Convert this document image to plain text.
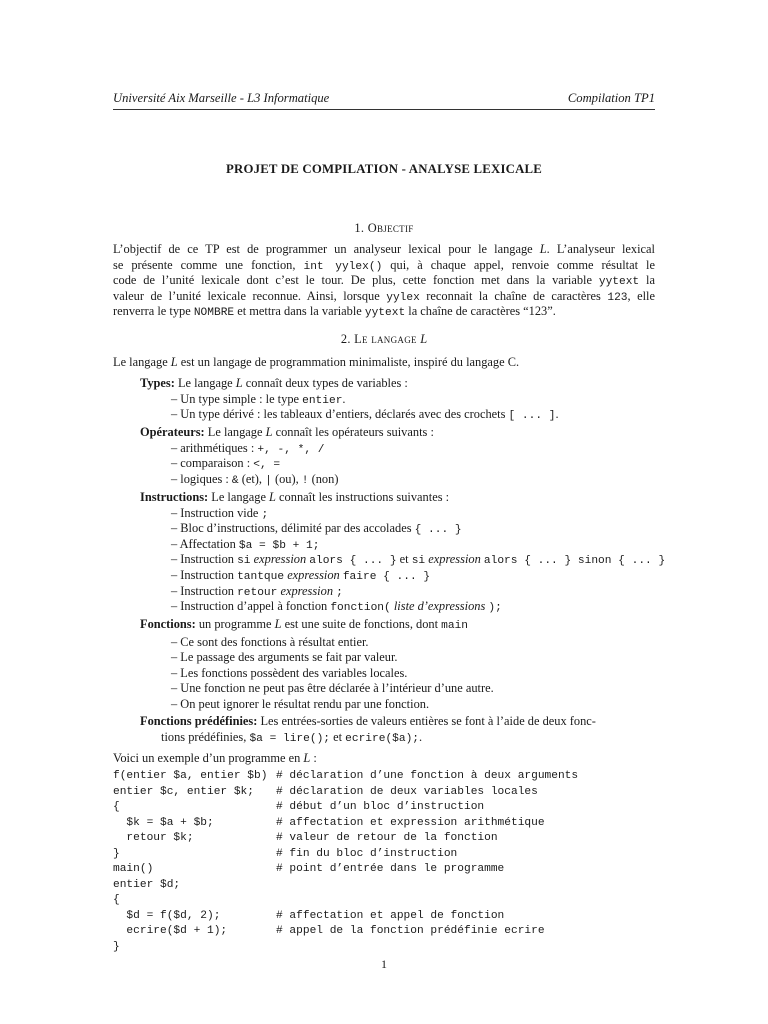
Université Aix Marseille - L3 Informatique	Compilation TP1
PROJET DE COMPILATION - ANALYSE LEXICALE
1. Objectif
L’objectif de ce TP est de programmer un analyseur lexical pour le langage L. L’analyseur lexical
se présente comme une fonction, int yylex() qui, à chaque appel, renvoie comme résultat le
code de l’unité lexicale dont c’est le tour. De plus, cette fonction met dans la variable yytext la
valeur de l’unité lexicale reconnue. Ainsi, lorsque yylex reconnait la chaîne de caractères 123, elle
renverra le type NOMBRE et mettra dans la variable yytext la chaîne de caractères “123”.
2. Le langage L
Le langage L est un langage de programmation minimaliste, inspiré du langage C.
Types: Le langage L connaît deux types de variables :
– Un type simple : le type entier.
– Un type dérivé : les tableaux d’entiers, déclarés avec des crochets [ ... ].
Opérateurs: Le langage L connaît les opérateurs suivants :
– arithmétiques : +, -, *, /
– comparaison : <, =
– logiques : & (et), | (ou), ! (non)
Instructions: Le langage L connaît les instructions suivantes :
– Instruction vide ;
– Bloc d’instructions, délimité par des accolades { ... }
– Affectation $a = $b + 1;
– Instruction si expression alors { ... } et si expression alors { ... } sinon { ... }
– Instruction tantque expression faire { ... }
– Instruction retour expression ;
– Instruction d’appel à fonction fonction( liste d’expressions );
Fonctions: un programme L est une suite de fonctions, dont main
– Ce sont des fonctions à résultat entier.
– Le passage des arguments se fait par valeur.
– Les fonctions possèdent des variables locales.
– Une fonction ne peut pas être déclarée à l’intérieur d’une autre.
– On peut ignorer le résultat rendu par une fonction.
Fonctions prédéfinies: Les entrées-sorties de valeurs entières se font à l’aide de deux fonc-
tions prédéfinies, $a = lire(); et ecrire($a);.
Voici un exemple d’un programme en L :
f(entier $a, entier $b) # déclaration d’une fonction à deux arguments
entier $c, entier $k; # déclaration de deux variables locales
{	# début d’un bloc d’instruction
$k = $a + $b;	# affectation et expression arithmétique
retour $k;	# valeur de retour de la fonction
}	# fin du bloc d’instruction
main()	# point d’entrée dans le programme
entier $d;
{
$d = f($d, 2);	# affectation et appel de fonction
ecrire($d + 1);	# appel de la fonction prédéfinie ecrire
}
1
